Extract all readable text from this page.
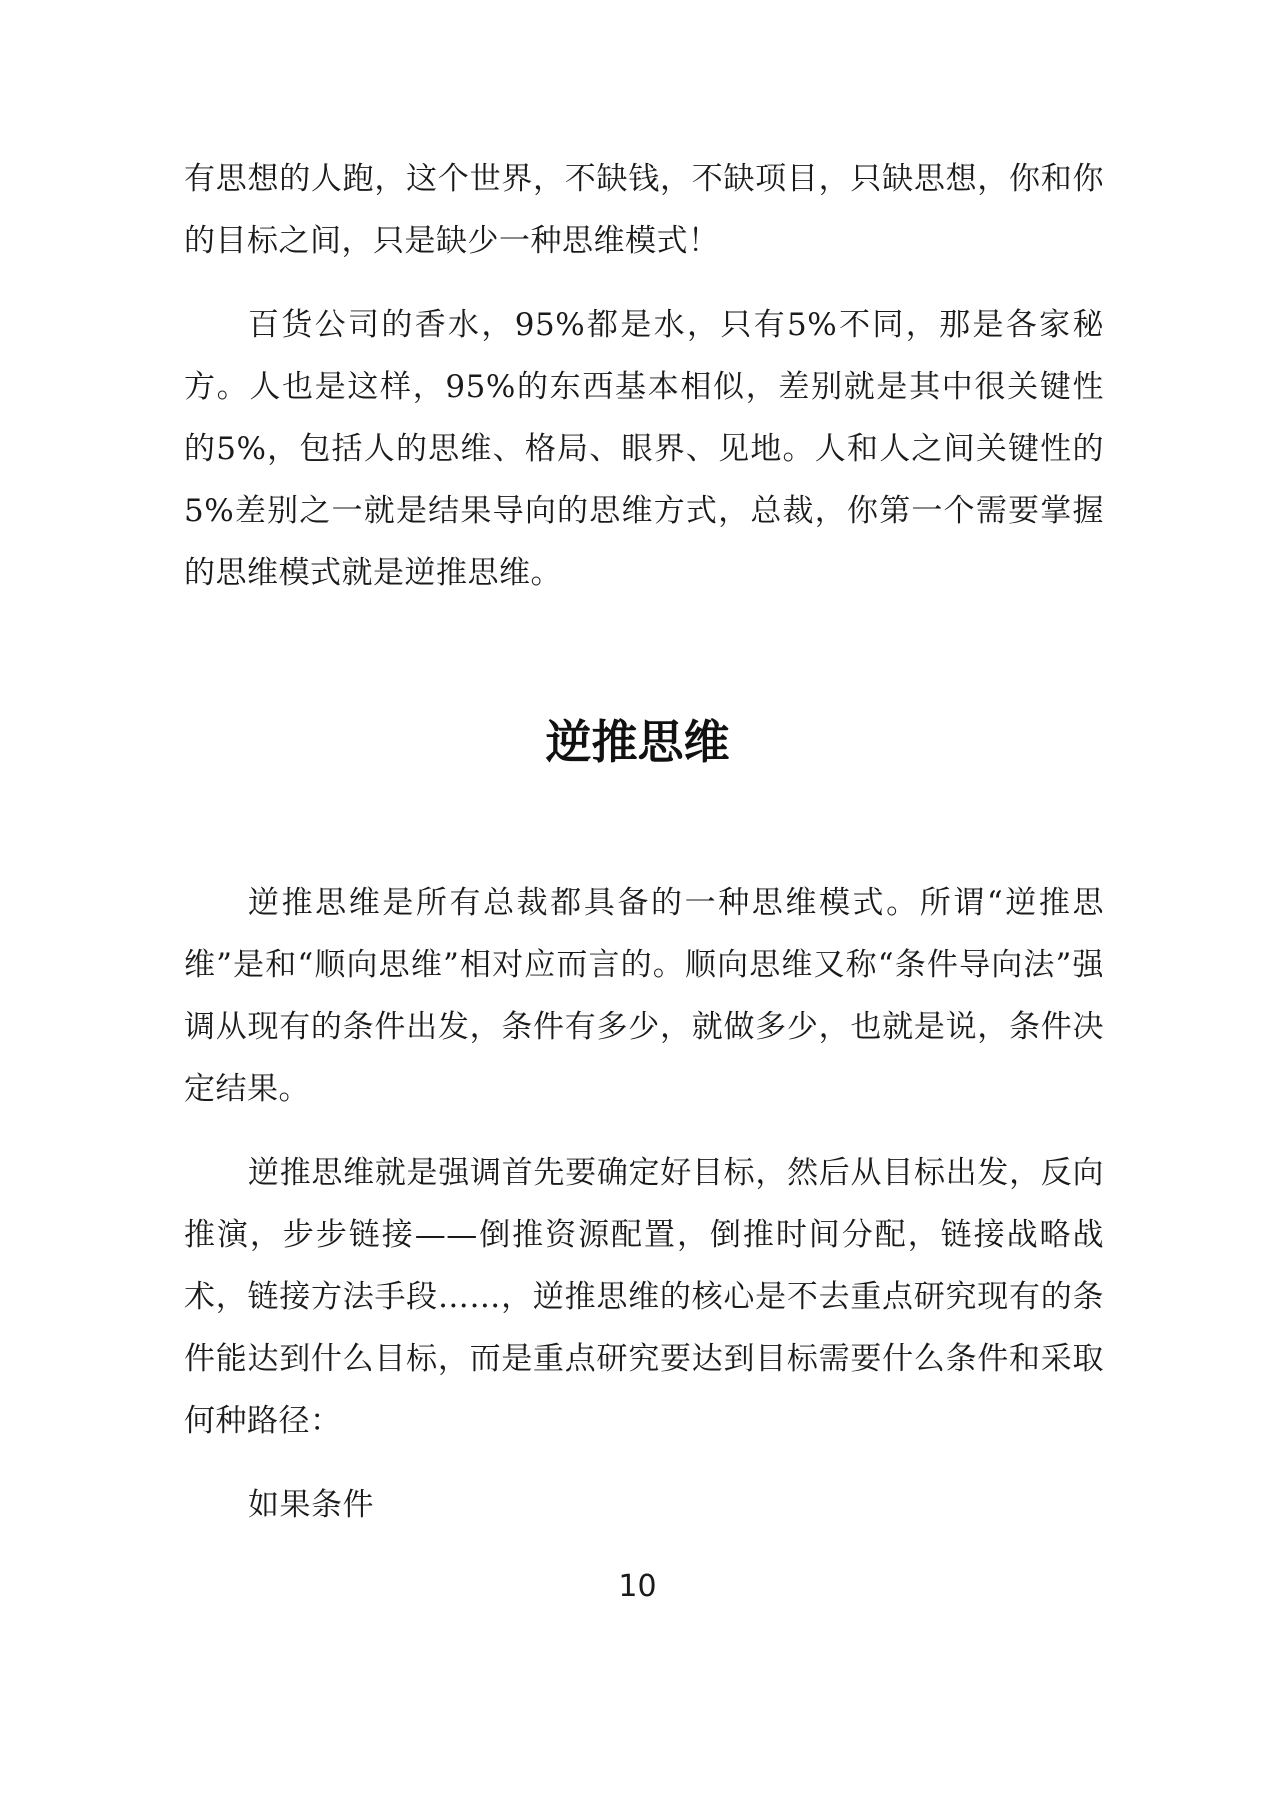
有思想的人跑，这个世界，不缺钱，不缺项目，只缺思想，你和你的目标之间，只是缺少一种思维模式！

百货公司的香水，95%都是水，只有5%不同，那是各家秘方。人也是这样，95%的东西基本相似，差别就是其中很关键性的5%，包括人的思维、格局、眼界、见地。人和人之间关键性的5%差别之一就是结果导向的思维方式，总裁，你第一个需要掌握的思维模式就是逆推思维。

逆推思维

逆推思维是所有总裁都具备的一种思维模式。所谓“逆推思维”是和“顺向思维”相对应而言的。顺向思维又称“条件导向法”强调从现有的条件出发，条件有多少，就做多少，也就是说，条件决定结果。

逆推思维就是强调首先要确定好目标，然后从目标出发，反向推演，步步链接——倒推资源配置，倒推时间分配，链接战略战术，链接方法手段……，逆推思维的核心是不去重点研究现有的条件能达到什么目标，而是重点研究要达到目标需要什么条件和采取何种路径：

如果条件

10
